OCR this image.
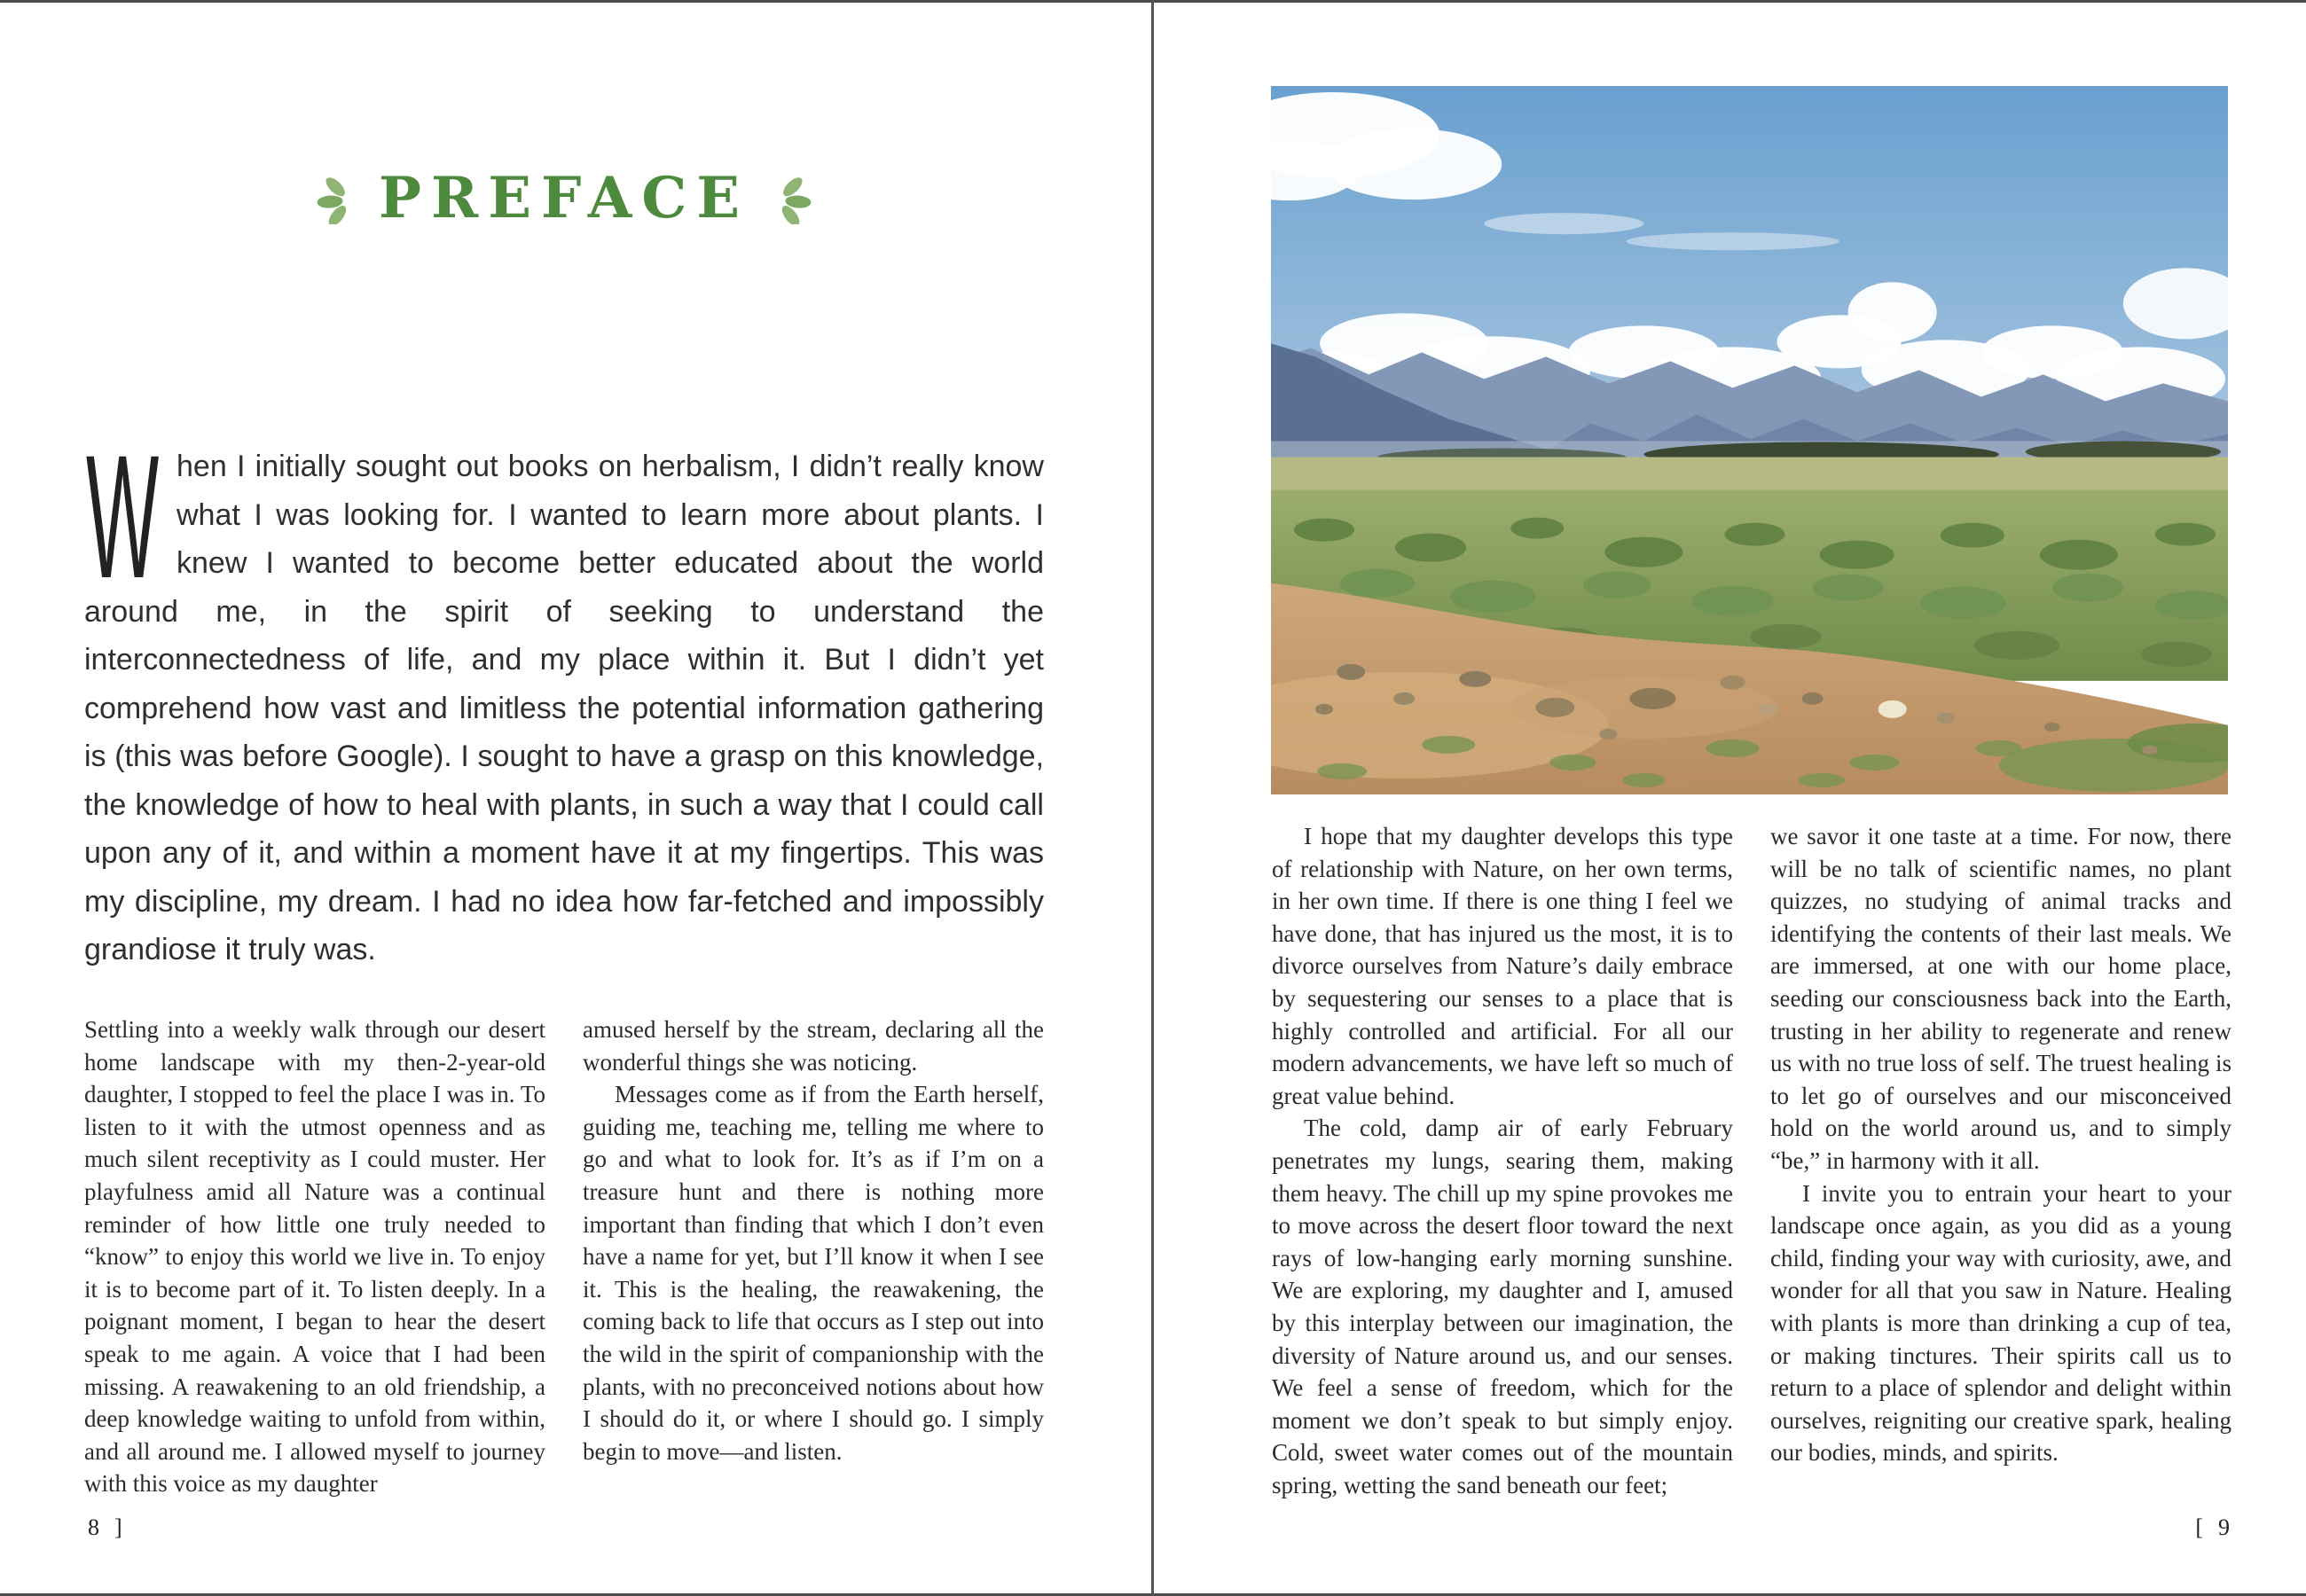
PREFACE
When I initially sought out books on herbalism, I didn’t really know what I was looking for. I wanted to learn more about plants. I knew I wanted to become better educated about the world around me, in the spirit of seeking to understand the interconnectedness of life, and my place within it. But I didn’t yet comprehend how vast and limitless the potential information gathering is (this was before Google). I sought to have a grasp on this knowledge, the knowledge of how to heal with plants, in such a way that I could call upon any of it, and within a moment have it at my fingertips. This was my discipline, my dream. I had no idea how far-fetched and impossibly grandiose it truly was.

Settling into a weekly walk through our desert home landscape with my then-2-year-old daughter, I stopped to feel the place I was in. To listen to it with the utmost openness and as much silent receptivity as I could muster. Her playfulness amid all Nature was a continual reminder of how little one truly needed to “know” to enjoy this world we live in. To enjoy it is to become part of it. To listen deeply. In a poignant moment, I began to hear the desert speak to me again. A voice that I had been missing. A reawakening to an old friendship, a deep knowledge waiting to unfold from within, and all around me. I allowed myself to journey with this voice as my daughter

amused herself by the stream, declaring all the wonderful things she was noticing.

Messages come as if from the Earth herself, guiding me, teaching me, telling me where to go and what to look for. It’s as if I’m on a treasure hunt and there is nothing more important than finding that which I don’t even have a name for yet, but I’ll know it when I see it. This is the healing, the reawakening, the coming back to life that occurs as I step out into the wild in the spirit of companionship with the plants, with no preconceived notions about how I should do it, or where I should go. I simply begin to move—and listen.

8 ]

I hope that my daughter develops this type of relationship with Nature, on her own terms, in her own time. If there is one thing I feel we have done, that has injured us the most, it is to divorce ourselves from Nature’s daily embrace by sequestering our senses to a place that is highly controlled and artificial. For all our modern advancements, we have left so much of great value behind.

The cold, damp air of early February penetrates my lungs, searing them, making them heavy. The chill up my spine provokes me to move across the desert floor toward the next rays of low-hanging early morning sunshine. We are exploring, my daughter and I, amused by this interplay between our imagination, the diversity of Nature around us, and our senses. We feel a sense of freedom, which for the moment we don’t speak to but simply enjoy. Cold, sweet water comes out of the mountain spring, wetting the sand beneath our feet;

we savor it one taste at a time. For now, there will be no talk of scientific names, no plant quizzes, no studying of animal tracks and identifying the contents of their last meals. We are immersed, at one with our home place, seeding our consciousness back into the Earth, trusting in her ability to regenerate and renew us with no true loss of self. The truest healing is to let go of ourselves and our misconceived hold on the world around us, and to simply “be,” in harmony with it all.

I invite you to entrain your heart to your landscape once again, as you did as a young child, finding your way with curiosity, awe, and wonder for all that you saw in Nature. Healing with plants is more than drinking a cup of tea, or making tinctures. Their spirits call us to return to a place of splendor and delight within ourselves, reigniting our creative spark, healing our bodies, minds, and spirits.

[ 9
